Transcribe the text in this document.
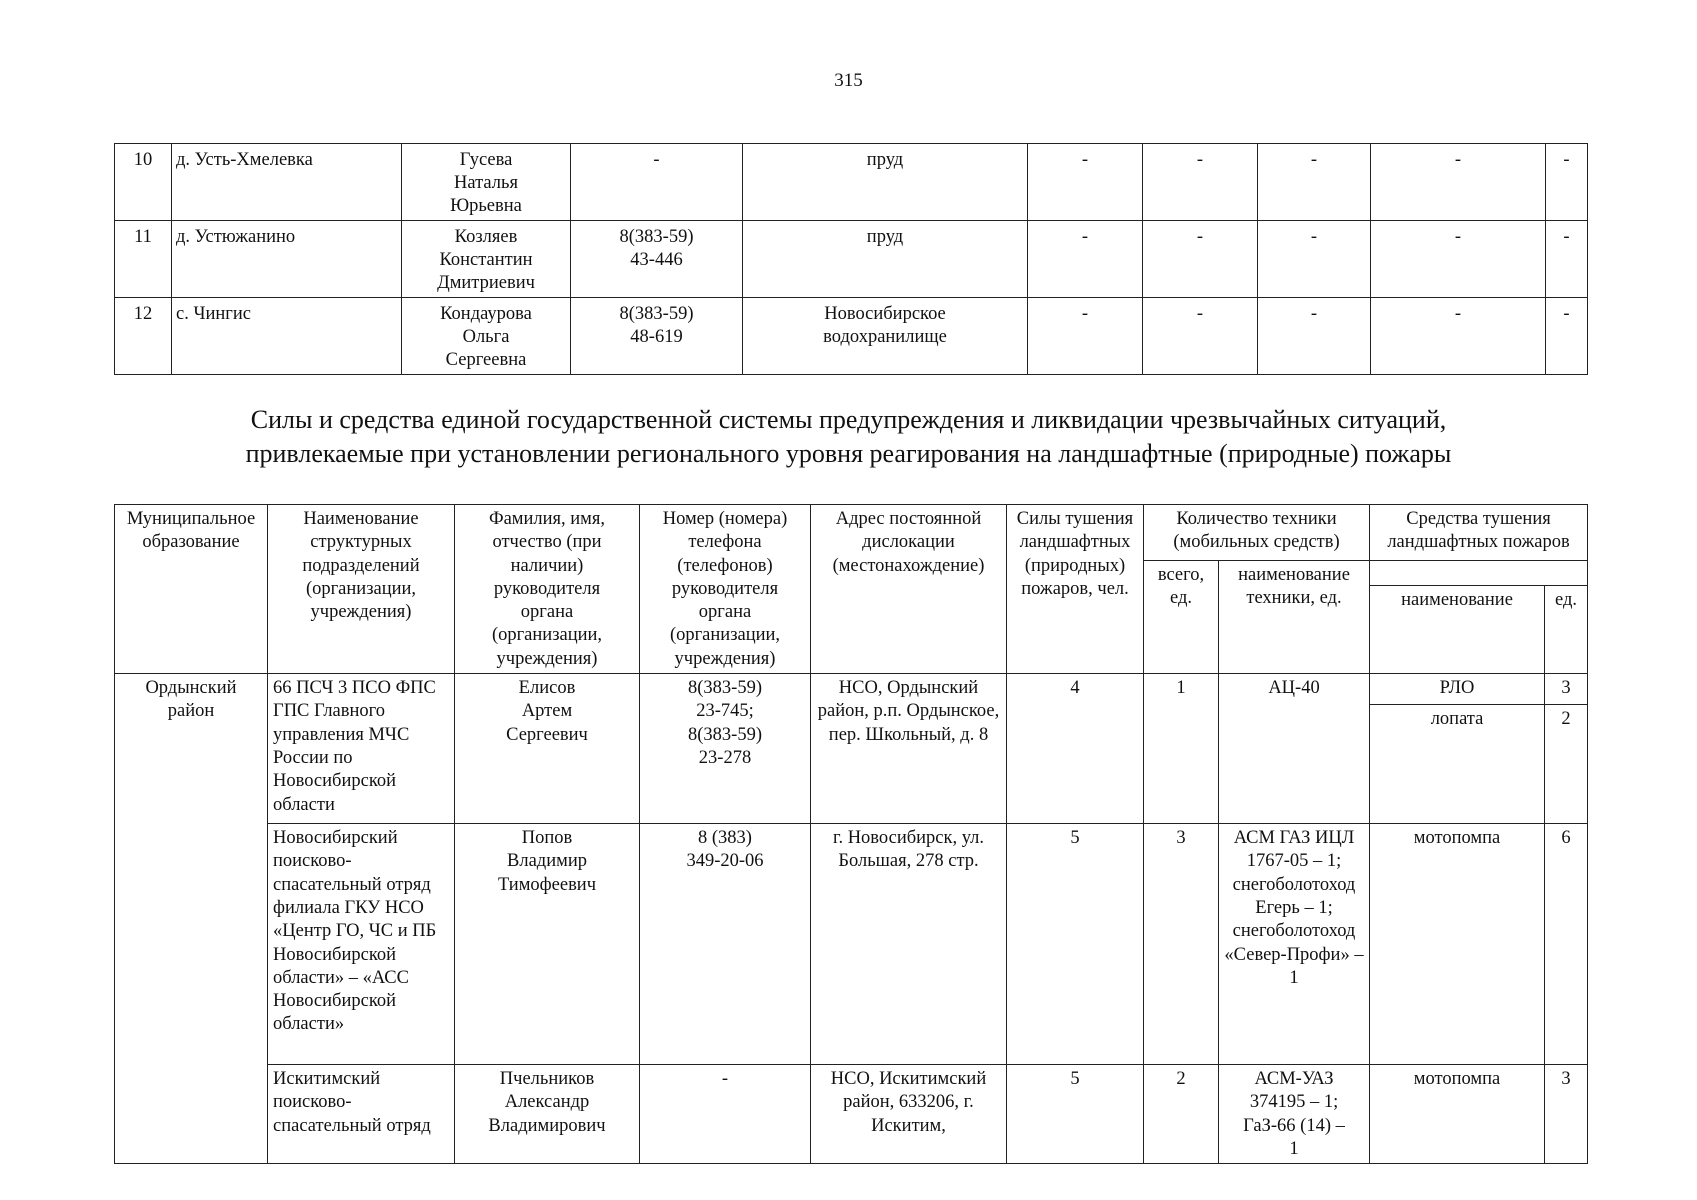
315
10	д. Усть-Хмелевка	Гусева Наталья Юрьевна	-	пруд	-	-	-	-	-
11	д. Устюжанино	Козляев Константин Дмитриевич	8(383-59) 43-446	пруд	-	-	-	-	-
12	с. Чингис	Кондаурова Ольга Сергеевна	8(383-59) 48-619	Новосибирское водохранилище	-	-	-	-	-
Силы и средства единой государственной системы предупреждения и ликвидации чрезвычайных ситуаций,
привлекаемые при установлении регионального уровня реагирования на ландшафтные (природные) пожары
Муниципальное образование	Наименование структурных подразделений (организации, учреждения)	Фамилия, имя, отчество (при наличии) руководителя органа (организации, учреждения)	Номер (номера) телефона (телефонов) руководителя органа (организации, учреждения)	Адрес постоянной дислокации (местонахождение)	Силы тушения ландшафтных (природных) пожаров, чел.	Количество техники (мобильных средств)		Средства тушения ландшафтных пожаров	
						всего, ед.	наименование техники, ед.		
								наименование	ед.
Ордынский район	66 ПСЧ 3 ПСО ФПС ГПС Главного управления МЧС России по Новосибирской области	Елисов Артем Сергеевич	8(383-59)
23-745;
8(383-59)
23-278	НСО, Ордынский район, р.п. Ордынское, пер. Школьный, д. 8	4	1	АЦ-40	РЛО	3
								лопата	2
	Новосибирский поисково-спасательный отряд филиала ГКУ НСО «Центр ГО, ЧС и ПБ Новосибирской области» – «АСС Новосибирской области»	Попов Владимир Тимофеевич	8 (383)
349-20-06	г. Новосибирск, ул. Большая, 278 стр.	5	3	АСМ ГАЗ ИЦЛ 1767-05 – 1; снегоболотоход Егерь – 1; снегоболотоход «Север-Профи» – 1	мотопомпа	6
	Искитимский поисково-спасательный отряд	Пчельников Александр Владимирович	-	НСО, Искитимский район, 633206, г. Искитим,	5	2	АСМ-УАЗ 374195 – 1; ГаЗ-66 (14) – 1	мотопомпа	3
